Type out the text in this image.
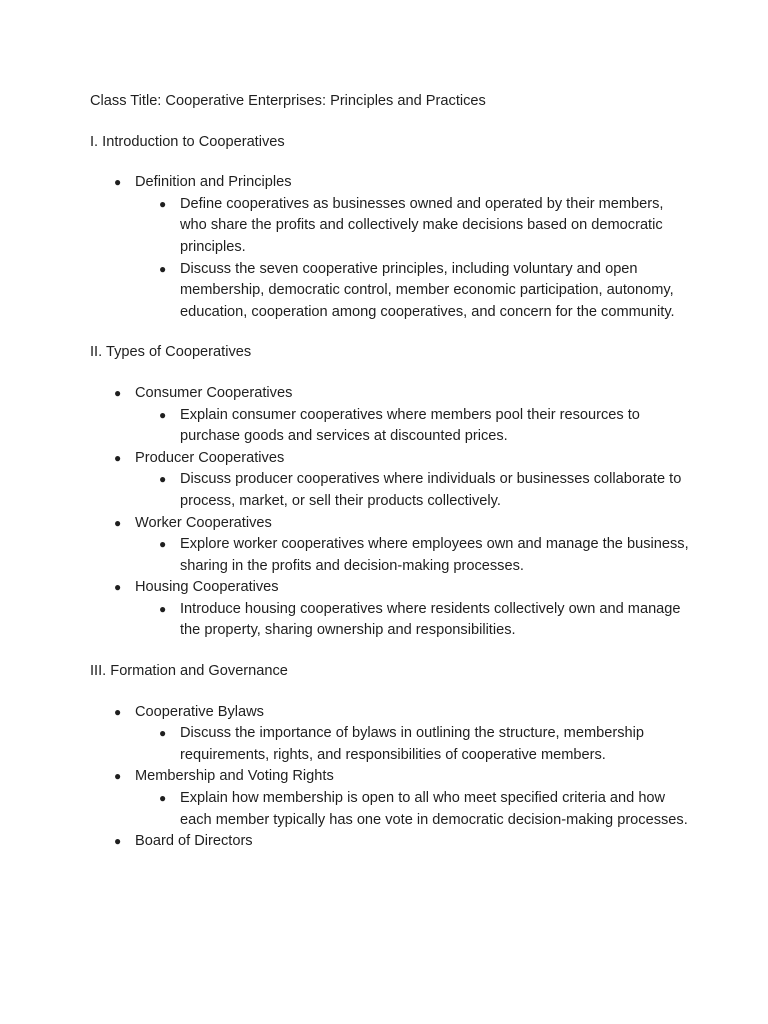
Class Title: Cooperative Enterprises: Principles and Practices

I. Introduction to Cooperatives

● Definition and Principles
● Define cooperatives as businesses owned and operated by their members, who share the profits and collectively make decisions based on democratic principles.
● Discuss the seven cooperative principles, including voluntary and open membership, democratic control, member economic participation, autonomy, education, cooperation among cooperatives, and concern for the community.

II. Types of Cooperatives

● Consumer Cooperatives
● Explain consumer cooperatives where members pool their resources to purchase goods and services at discounted prices.
● Producer Cooperatives
● Discuss producer cooperatives where individuals or businesses collaborate to process, market, or sell their products collectively.
● Worker Cooperatives
● Explore worker cooperatives where employees own and manage the business, sharing in the profits and decision-making processes.
● Housing Cooperatives
● Introduce housing cooperatives where residents collectively own and manage the property, sharing ownership and responsibilities.

III. Formation and Governance

● Cooperative Bylaws
● Discuss the importance of bylaws in outlining the structure, membership requirements, rights, and responsibilities of cooperative members.
● Membership and Voting Rights
● Explain how membership is open to all who meet specified criteria and how each member typically has one vote in democratic decision-making processes.
● Board of Directors
